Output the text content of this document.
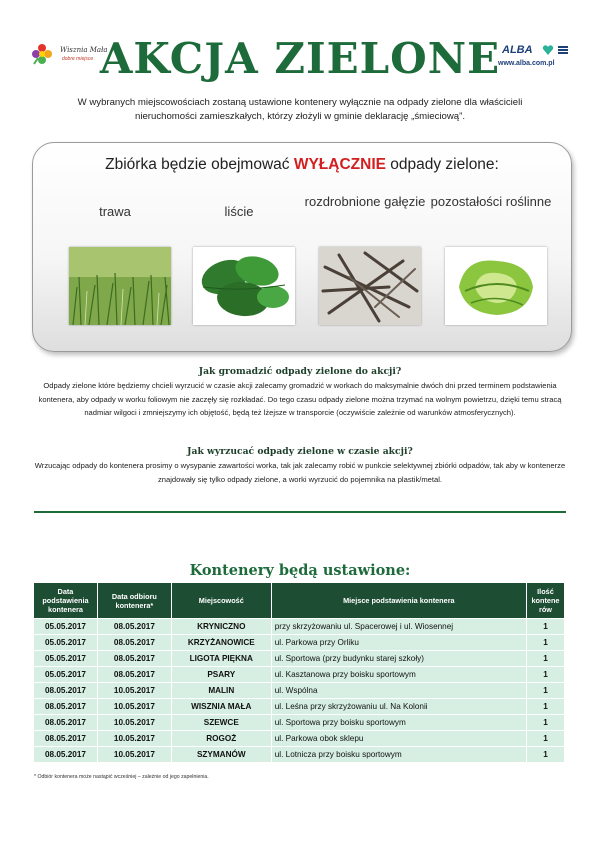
Wisznia Mała
dobre miejsce AKCJA ZIELONE ALBA
www.alba.com.pl
W wybranych miejscowościach zostaną ustawione kontenery wyłącznie na odpady zielone dla właścicieli nieruchomości zamieszkałych, którzy złożyli w gminie deklarację „śmieciową”.
Zbiórka będzie obejmować WYŁĄCZNIE odpady zielone:
trawa	liście
rozdrobnione gałęzie pozostałości roślinne
Jak gromadzić odpady zielone do akcji?

Odpady zielone które będziemy chcieli wyrzucić w czasie akcji zalecamy gromadzić w workach do maksymalnie dwóch dni przed terminem podstawienia kontenera, aby odpady w worku foliowym nie zaczęły się rozkładać. Do tego czasu odpady zielone można trzymać na wolnym powietrzu, dzięki temu stracą nadmiar wilgoci i zmniejszymy ich objętość, będą też lżejsze w transporcie (oczywiście zależnie od warunków atmosferycznych).

Jak wyrzucać odpady zielone w czasie akcji?

Wrzucając odpady do kontenera prosimy o wysypanie zawartości worka, tak jak zalecamy robić w punkcie selektywnej zbiórki odpadów, tak aby w kontenerze znajdowały się tylko odpady zielone, a worki wyrzucić do pojemnika na plastik/metal.

Kontenery będą ustawione:
Data podstawienia kontenera	Data odbioru kontenera*	Miejscowość	Miejsce podstawienia kontenera	Ilość kontene rów
05.05.2017	08.05.2017	KRYNICZNO	przy skrzyżowaniu ul. Spacerowej i ul. Wiosennej	1
05.05.2017	08.05.2017	KRZYŻANOWICE	ul. Parkowa przy Orliku	1
05.05.2017	08.05.2017	LIGOTA PIĘKNA	ul. Sportowa (przy budynku starej szkoły)	1
05.05.2017	08.05.2017	PSARY	ul. Kasztanowa przy boisku sportowym	1
08.05.2017	10.05.2017	MALIN	ul. Wspólna	1
08.05.2017	10.05.2017	WISZNIA MAŁA	ul. Leśna przy skrzyżowaniu ul. Na Kolonii	1
08.05.2017	10.05.2017	SZEWCE	ul. Sportowa przy boisku sportowym	1
08.05.2017	10.05.2017	ROGOŻ	ul. Parkowa obok sklepu	1
08.05.2017	10.05.2017	SZYMANÓW	ul. Lotnicza przy boisku sportowym	1
* Odbiór kontenera może nastąpić wcześniej – zależnie od jego zapełnienia.
